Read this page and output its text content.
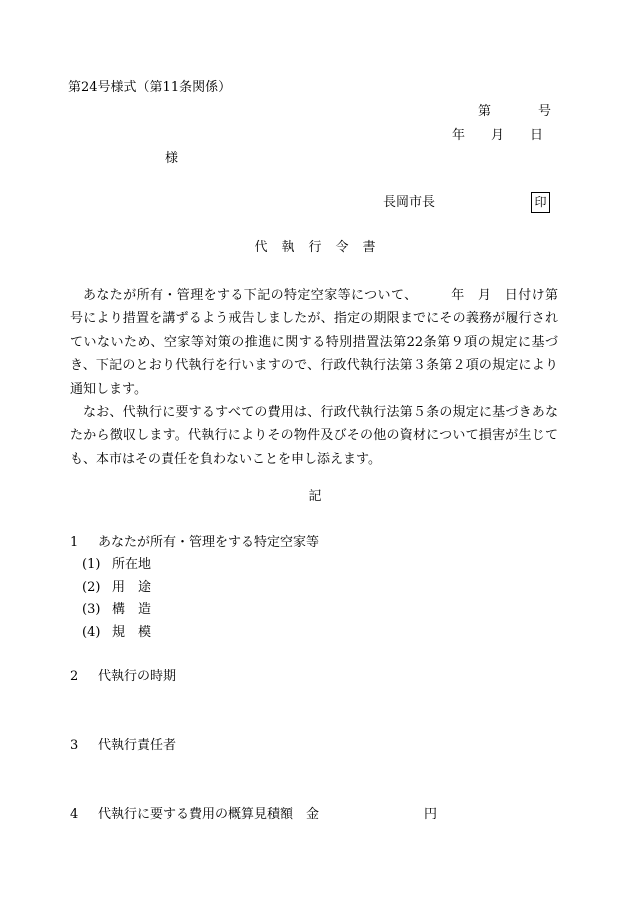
第24号様式（第11条関係）
第	号
年 月 日
様
長岡市長	印
代執行令書

あなたが所有・管理をする下記の特定空家等について、　　　年　月　日付け第　号により措置を講ずるよう戒告しましたが、指定の期限までにその義務が履行されていないため、空家等対策の推進に関する特別措置法第22条第９項の規定に基づき、下記のとおり代執行を行いますので、行政代執行法第３条第２項の規定により通知します。

なお、代執行に要するすべての費用は、行政代執行法第５条の規定に基づきあなたから徴収します。代執行によりその物件及びその他の資材について損害が生じても、本市はその責任を負わないことを申し添えます。

記
1 あなたが所有・管理をする特定空家等
(1) 所在地
(2) 用　途
(3) 構　造
(4) 規　模
2 代執行の時期
3 代執行責任者
4 代執行に要する費用の概算見積額　金	円
